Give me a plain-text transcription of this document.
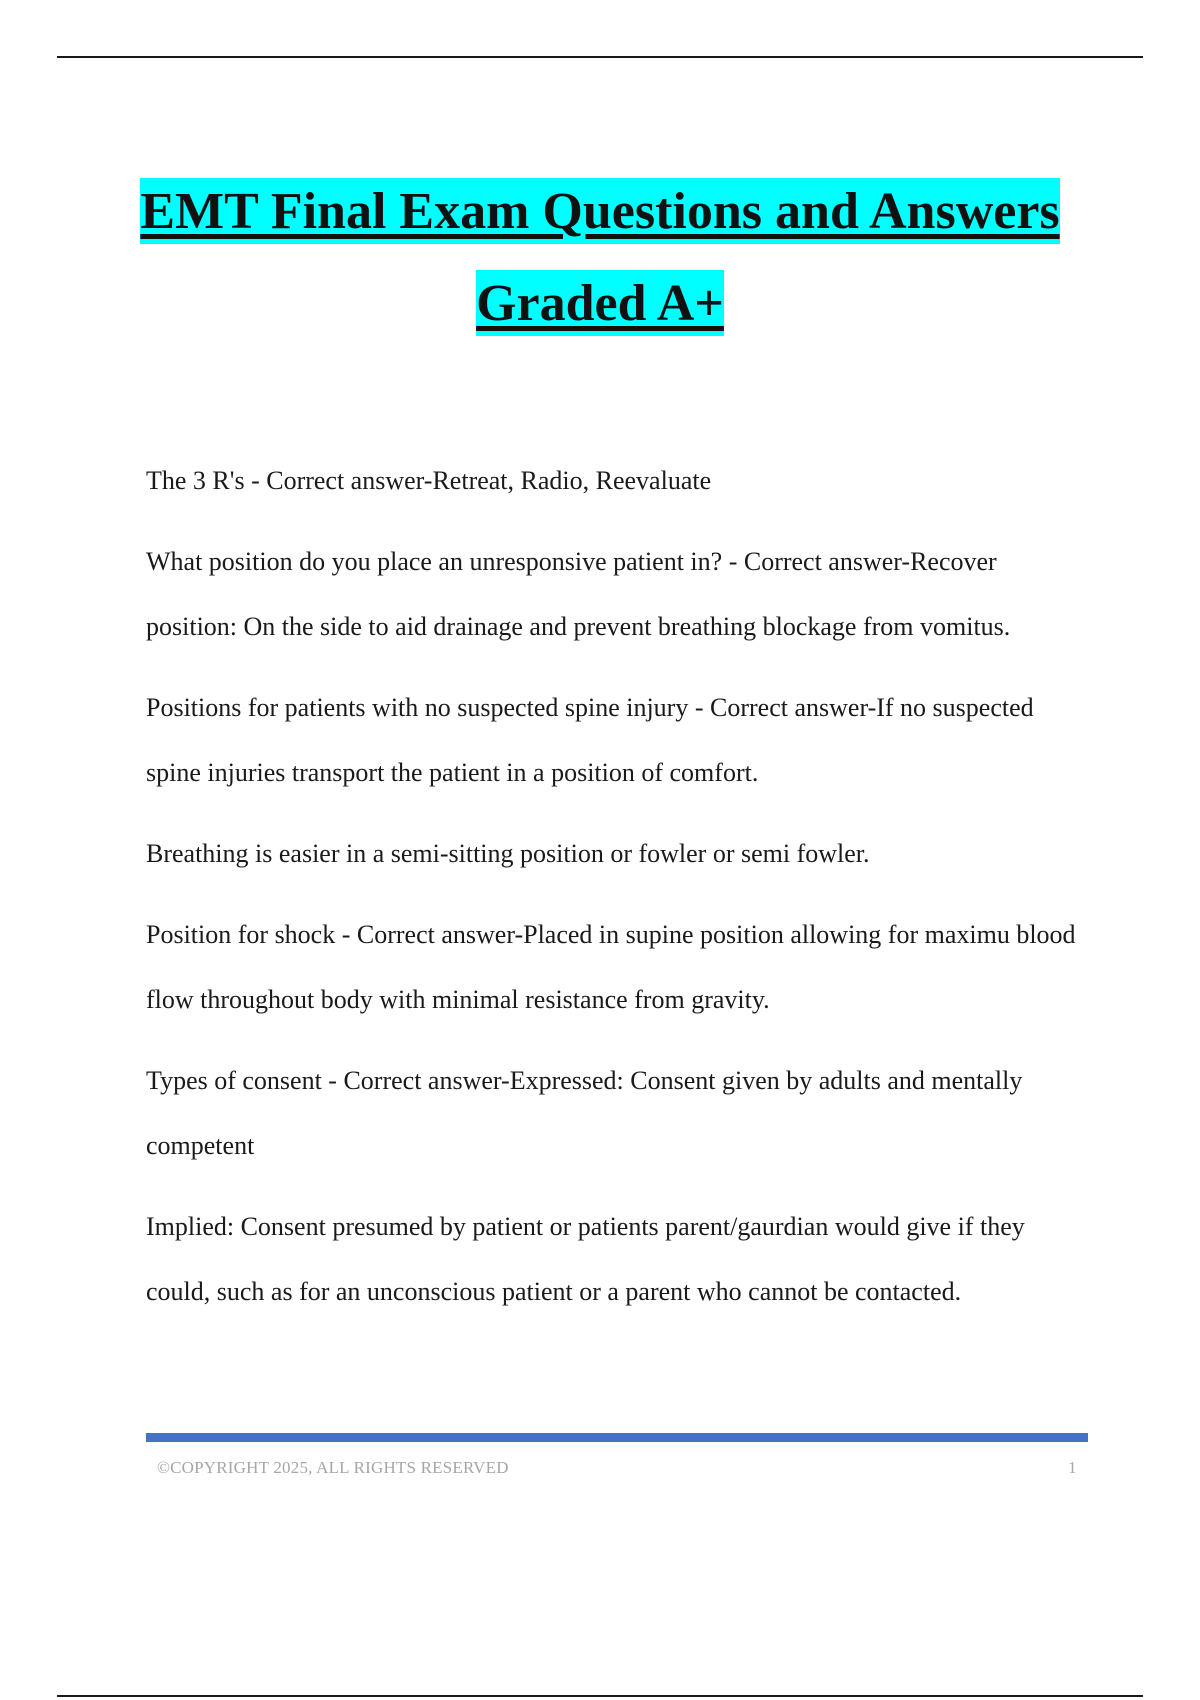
EMT Final Exam Questions and Answers
Graded A+

The 3 R's - Correct answer-Retreat, Radio, Reevaluate

What position do you place an unresponsive patient in? - Correct answer-Recover position: On the side to aid drainage and prevent breathing blockage from vomitus.

Positions for patients with no suspected spine injury - Correct answer-If no suspected spine injuries transport the patient in a position of comfort.

Breathing is easier in a semi-sitting position or fowler or semi fowler.

Position for shock - Correct answer-Placed in supine position allowing for maximu blood flow throughout body with minimal resistance from gravity.

Types of consent - Correct answer-Expressed: Consent given by adults and mentally competent

Implied: Consent presumed by patient or patients parent/gaurdian would give if they could, such as for an unconscious patient or a parent who cannot be contacted.

©COPYRIGHT 2025, ALL RIGHTS RESERVED	1
